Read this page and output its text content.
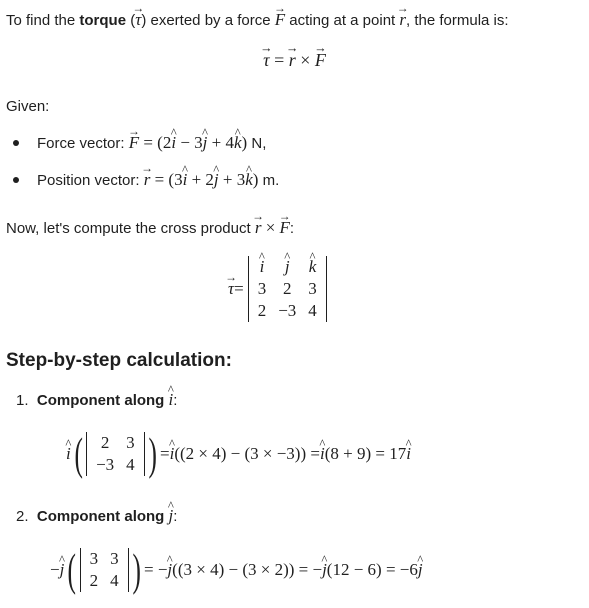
To find the torque (τ →) exerted by a force F → acting at a point r →, the formula is:
τ → = r → × F →
Given:
Force vector: F → = (2i ^ − 3j ^ + 4k ^) N,
Position vector: r → = (3i ^ + 2j ^ + 3k ^) m.
Now, let's compute the cross product r → × F →:
τ → =
i ^	j ^	k ^
3	2	3
2	−3	4
Step-by-step calculation:
1. Component along i ^:
i ^ ( 2	3
−3	4 ) = i ^ ((2 × 4) − (3 × −3)) = i ^ (8 + 9) = 17 i ^
2. Component along j ^:
− j ^ ( 3	3
2	4 ) = − j ^ ((3 × 4) − (3 × 2)) = − j ^ (12 − 6) = −6 j ^
